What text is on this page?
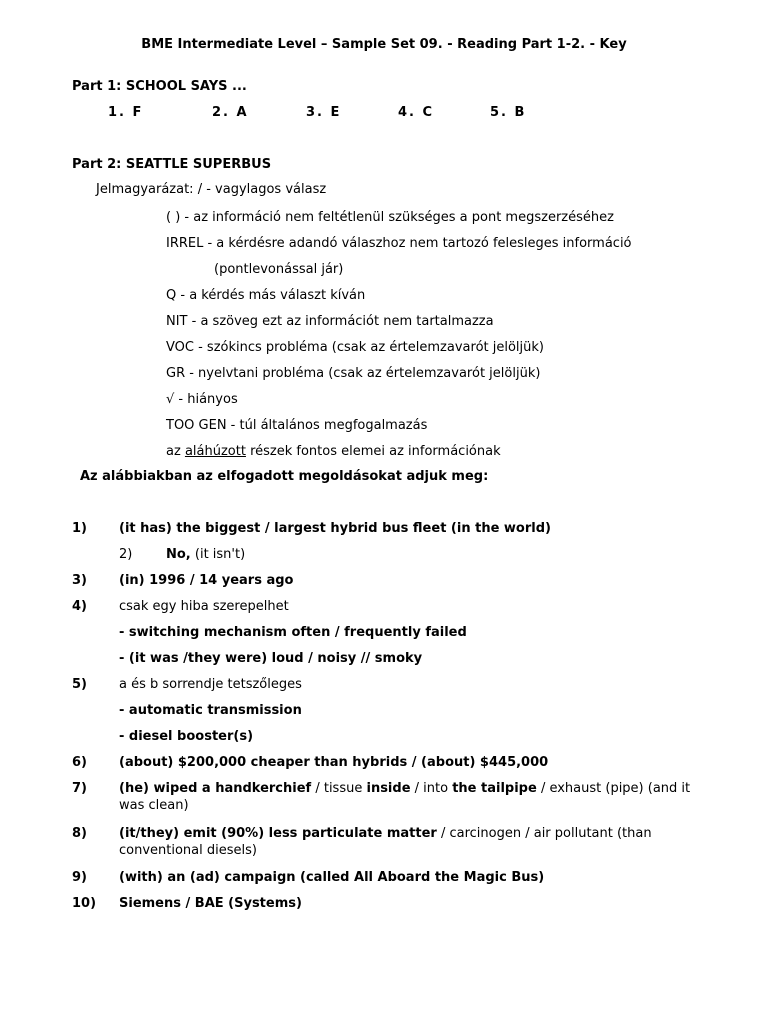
BME Intermediate Level – Sample Set 09. - Reading Part 1-2. - Key
Part 1: SCHOOL SAYS ...
1. F	2. A	3. E	4. C	5. B
Part 2: SEATTLE SUPERBUS
Jelmagyarázat: / - vagylagos válasz
( ) - az információ nem feltétlenül szükséges a pont megszerzéséhez
IRREL - a kérdésre adandó válaszhoz nem tartozó felesleges információ
(pontlevonással jár)
Q - a kérdés más választ kíván
NIT - a szöveg ezt az információt nem tartalmazza
VOC - szókincs probléma (csak az értelemzavarót jelöljük)
GR - nyelvtani probléma (csak az értelemzavarót jelöljük)
√ - hiányos
TOO GEN - túl általános megfogalmazás
az aláhúzott részek fontos elemei az információnak
Az alábbiakban az elfogadott megoldásokat adjuk meg:
1) (it has) the biggest / largest hybrid bus fleet (in the world)
2)	No, (it isn't)
3) (in) 1996 / 14 years ago
4) csak egy hiba szerepelhet
- switching mechanism often / frequently failed
- (it was /they were) loud / noisy // smoky
5) a és b sorrendje tetszőleges
- automatic transmission
- diesel booster(s)
6) (about) $200,000 cheaper than hybrids / (about) $445,000
7) (he) wiped a handkerchief / tissue inside / into the tailpipe / exhaust (pipe) (and it was clean)
8) (it/they) emit (90%) less particulate matter / carcinogen / air pollutant (than conventional diesels)
9) (with) an (ad) campaign (called All Aboard the Magic Bus)
10) Siemens / BAE (Systems)
